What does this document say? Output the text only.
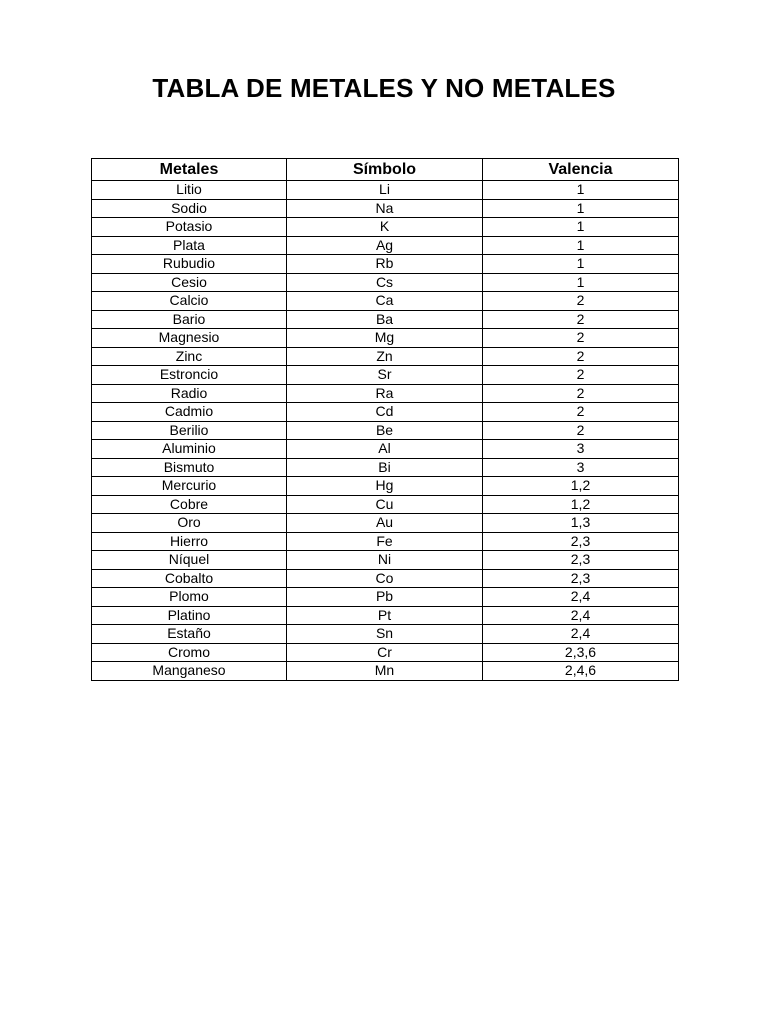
TABLA DE METALES Y NO METALES
Metales	Símbolo	Valencia
Litio	Li	1
Sodio	Na	1
Potasio	K	1
Plata	Ag	1
Rubudio	Rb	1
Cesio	Cs	1
Calcio	Ca	2
Bario	Ba	2
Magnesio	Mg	2
Zinc	Zn	2
Estroncio	Sr	2
Radio	Ra	2
Cadmio	Cd	2
Berilio	Be	2
Aluminio	Al	3
Bismuto	Bi	3
Mercurio	Hg	1,2
Cobre	Cu	1,2
Oro	Au	1,3
Hierro	Fe	2,3
Níquel	Ni	2,3
Cobalto	Co	2,3
Plomo	Pb	2,4
Platino	Pt	2,4
Estaño	Sn	2,4
Cromo	Cr	2,3,6
Manganeso	Mn	2,4,6
